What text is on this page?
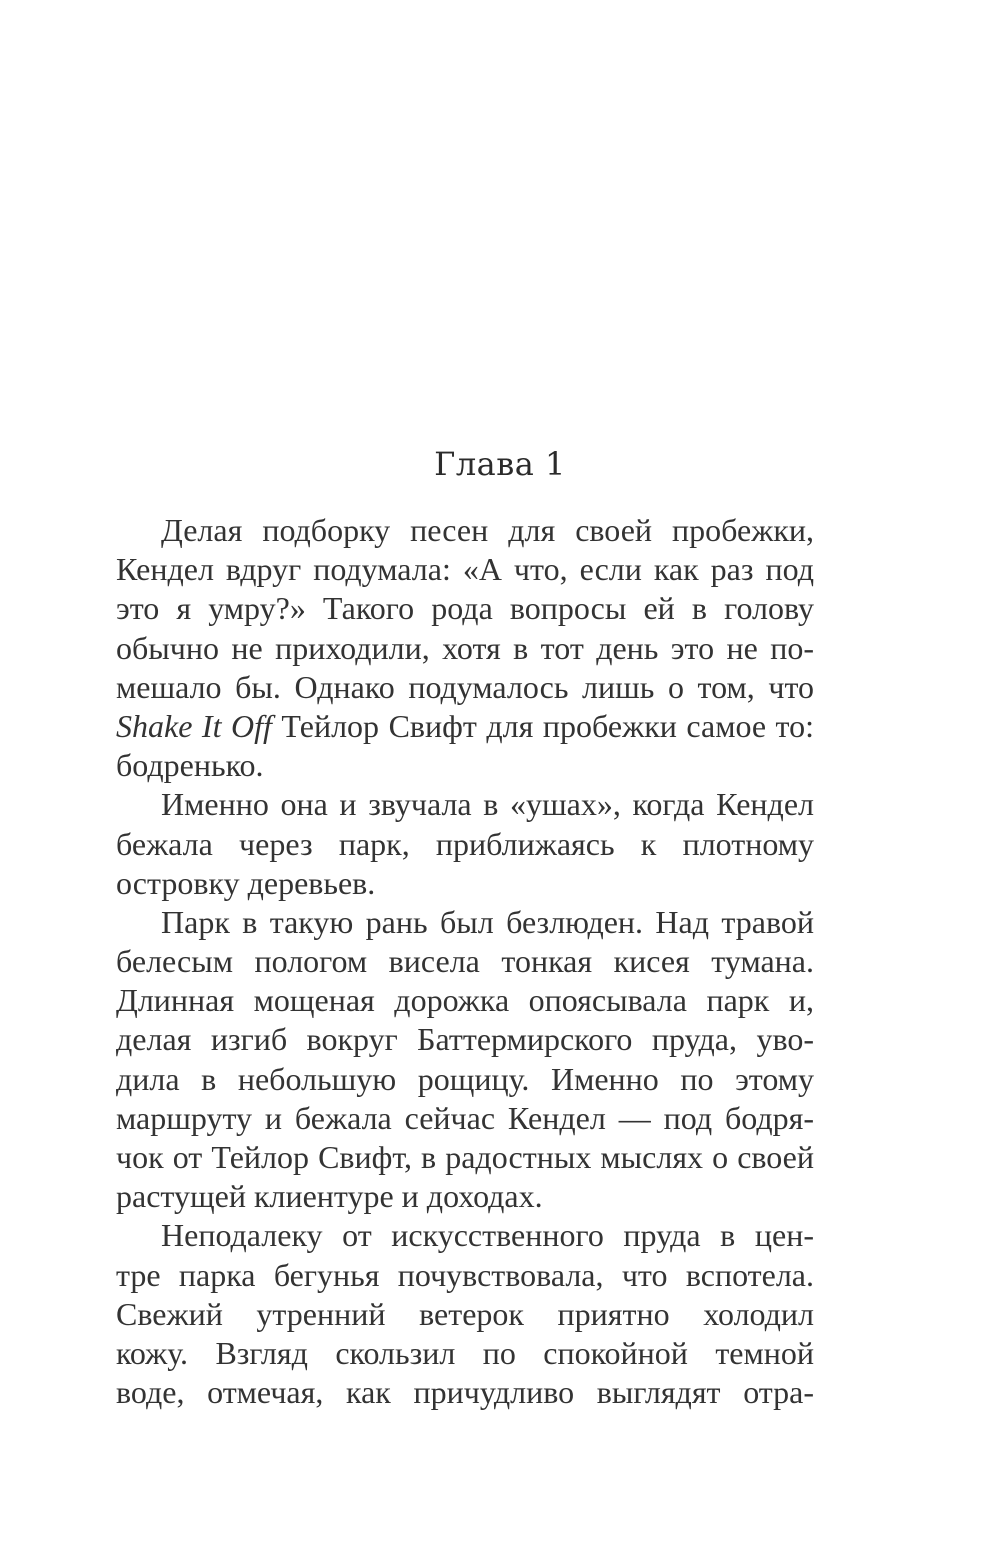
Глава 1

Делая подборку песен для своей пробежки,
Кендел вдруг подумала: «А что, если как раз под
это я умру?» Такого рода вопросы ей в голову
обычно не приходили, хотя в тот день это не по-
мешало бы. Однако подумалось лишь о том, что
Shake It Off Тейлор Свифт для пробежки самое то:
бодренько.

Именно она и звучала в «ушах», когда Кендел
бежала через парк, приближаясь к плотному
островку деревьев.

Парк в такую рань был безлюден. Над травой
белесым пологом висела тонкая кисея тумана.
Длинная мощеная дорожка опоясывала парк и,
делая изгиб вокруг Баттермирского пруда, уво-
дила в небольшую рощицу. Именно по этому
маршруту и бежала сейчас Кендел — под бодря-
чок от Тейлор Свифт, в радостных мыслях о своей
растущей клиентуре и доходах.

Неподалеку от искусственного пруда в цен-
тре парка бегунья почувствовала, что вспотела.
Свежий утренний ветерок приятно холодил
кожу. Взгляд скользил по спокойной темной
воде, отмечая, как причудливо выглядят отра-
